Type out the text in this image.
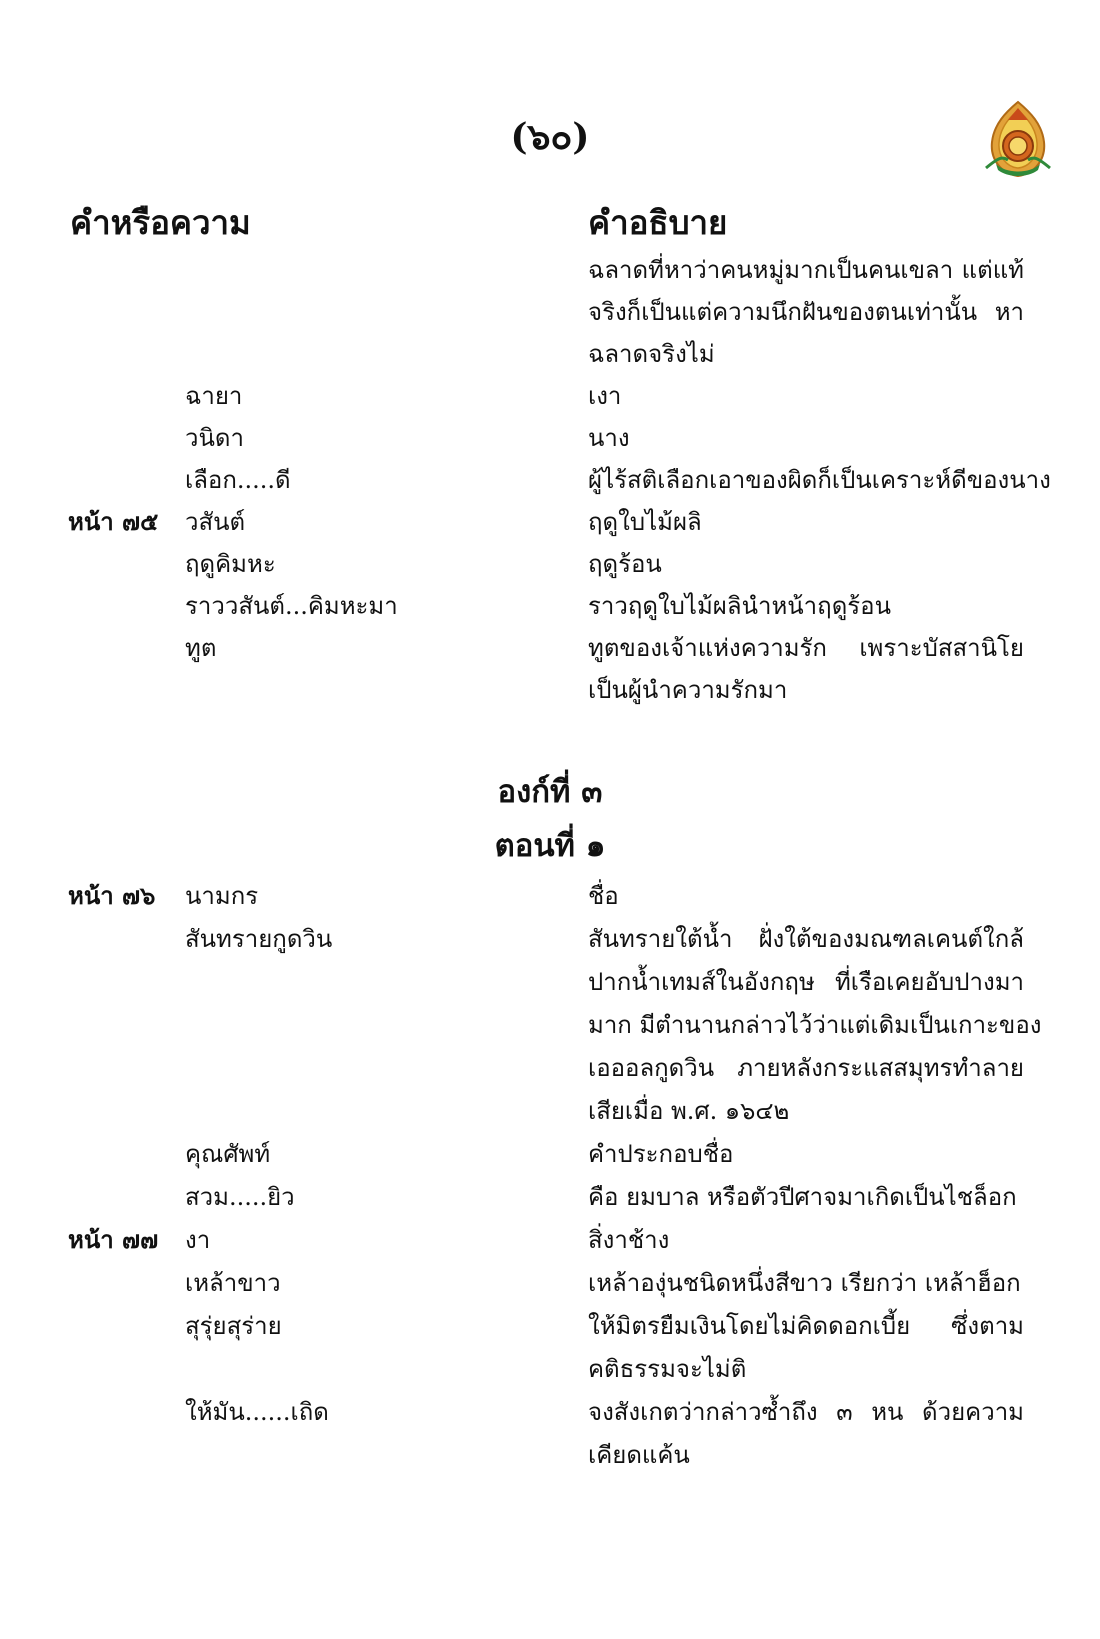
(๖๐)
คำหรือความ	คำอธิบาย
ฉลาดที่หาว่าคนหมู่มากเป็นคนเขลา แต่แท้
จริงก็เป็นแต่ความนึกฝันของตนเท่านั้น หา
ฉลาดจริงไม่
ฉายา	เงา
วนิดา	นาง
เลือก.....ดี	ผู้ไร้สติเลือกเอาของผิดก็เป็นเคราะห์ดีของนาง
หน้า ๗๕ วสันต์	ฤดูใบไม้ผลิ
ฤดูคิมหะ	ฤดูร้อน
ราววสันต์...คิมหะมา	ราวฤดูใบไม้ผลินำหน้าฤดูร้อน
ทูต	ทูตของเจ้าแห่งความรัก เพราะบัสสานิโย
เป็นผู้นำความรักมา
องก์ที่ ๓
ตอนที่ ๑
หน้า ๗๖ นามกร	ชื่อ
สันทรายกูดวิน	สันทรายใต้น้ำ ฝั่งใต้ของมณฑลเคนต์ใกล้
ปากน้ำเทมส์ในอังกฤษ ที่เรือเคยอับปางมา
มาก มีตำนานกล่าวไว้ว่าแต่เดิมเป็นเกาะของ
เอออลกูดวิน ภายหลังกระแสสมุทรทำลาย
เสียเมื่อ พ.ศ. ๑๖๔๒
คุณศัพท์	คำประกอบชื่อ
สวม.....ยิว	คือ ยมบาล หรือตัวปีศาจมาเกิดเป็นไชล็อก
หน้า ๗๗ งา	สิ่งาช้าง
เหล้าขาว	เหล้าองุ่นชนิดหนึ่งสีขาว เรียกว่า เหล้าฮ็อก
สุรุ่ยสุร่าย	ให้มิตรยืมเงินโดยไม่คิดดอกเบี้ย ซึ่งตาม
คติธรรมจะไม่ติ
ให้มัน......เถิด	จงสังเกตว่ากล่าวซ้ำถึง ๓ หน ด้วยความ
เคียดแค้น
